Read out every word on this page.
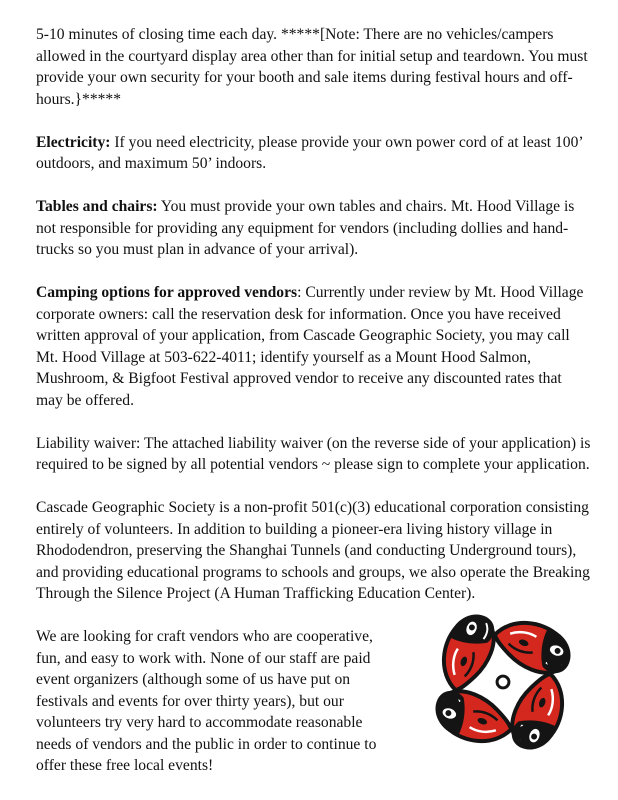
5-10 minutes of closing time each day. *****[Note: There are no vehicles/campers allowed in the courtyard display area other than for initial setup and teardown. You must provide your own security for your booth and sale items during festival hours and off-hours.}*****

Electricity: If you need electricity, please provide your own power cord of at least 100’ outdoors, and maximum 50’ indoors.

Tables and chairs: You must provide your own tables and chairs. Mt. Hood Village is not responsible for providing any equipment for vendors (including dollies and hand-trucks so you must plan in advance of your arrival).

Camping options for approved vendors: Currently under review by Mt. Hood Village corporate owners: call the reservation desk for information. Once you have received written approval of your application, from Cascade Geographic Society, you may call Mt. Hood Village at 503-622-4011; identify yourself as a Mount Hood Salmon, Mushroom, & Bigfoot Festival approved vendor to receive any discounted rates that may be offered.

Liability waiver: The attached liability waiver (on the reverse side of your application) is required to be signed by all potential vendors ~ please sign to complete your application.

Cascade Geographic Society is a non-profit 501(c)(3) educational corporation consisting entirely of volunteers. In addition to building a pioneer-era living history village in Rhododendron, preserving the Shanghai Tunnels (and conducting Underground tours), and providing educational programs to schools and groups, we also operate the Breaking Through the Silence Project (A Human Trafficking Education Center).

We are looking for craft vendors who are cooperative, fun, and easy to work with. None of our staff are paid event organizers (although some of us have put on festivals and events for over thirty years), but our volunteers try very hard to accommodate reasonable needs of vendors and the public in order to continue to offer these free local events!
